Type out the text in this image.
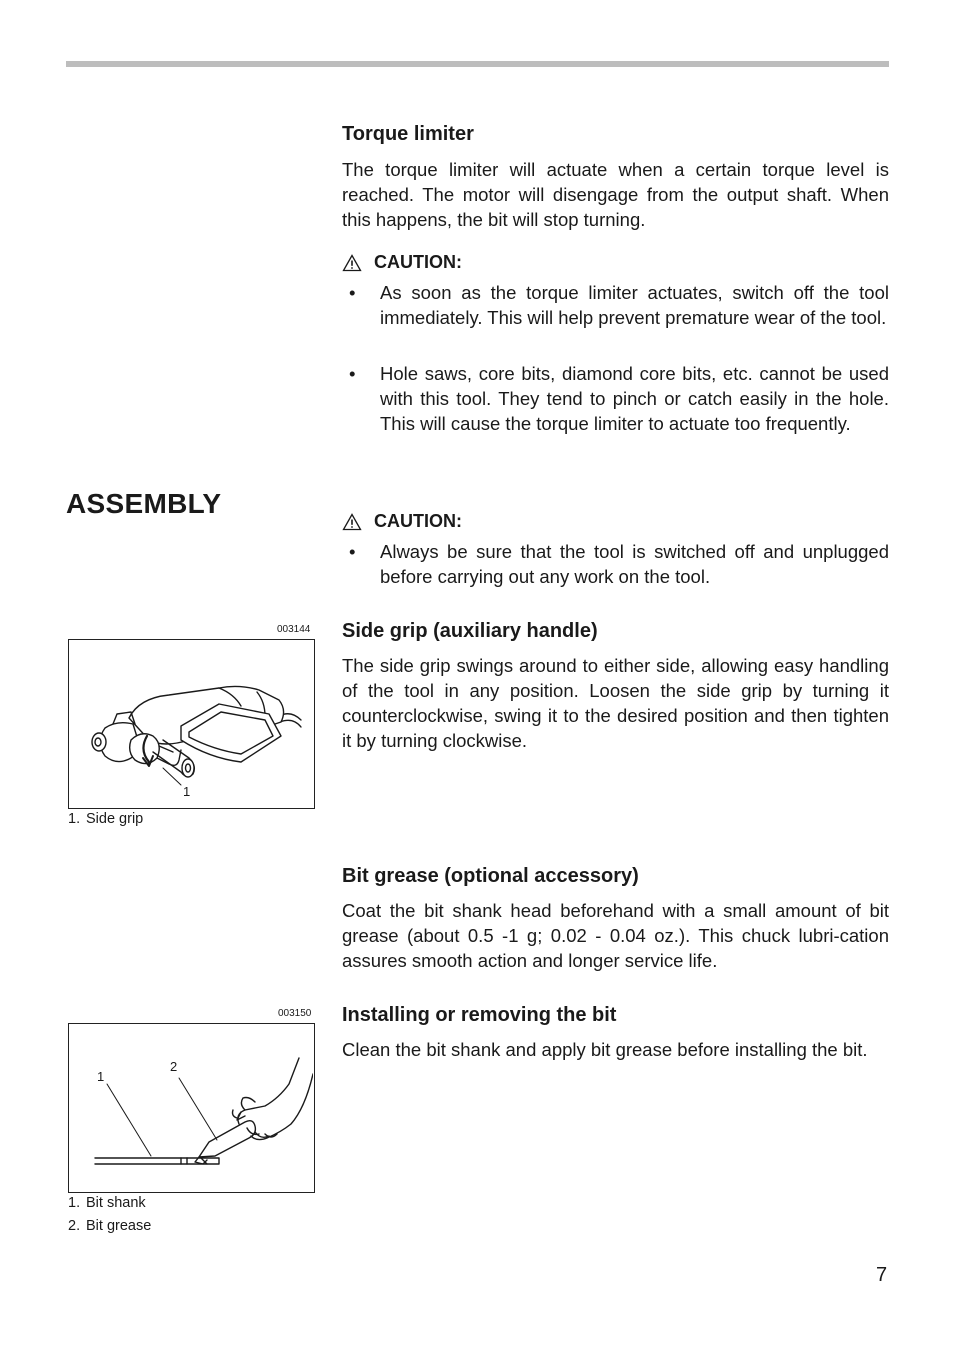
Torque limiter

The torque limiter will actuate when a certain torque level is reached. The motor will disengage from the output shaft. When this happens, the bit will stop turning.

CAUTION:
• As soon as the torque limiter actuates, switch off the tool immediately. This will help prevent premature wear of the tool.
• Hole saws, core bits, diamond core bits, etc. cannot be used with this tool. They tend to pinch or catch easily in the hole. This will cause the torque limiter to actuate too frequently.
ASSEMBLY
CAUTION:
• Always be sure that the tool is switched off and unplugged before carrying out any work on the tool.
Side grip (auxiliary handle)

The side grip swings around to either side, allowing easy handling of the tool in any position. Loosen the side grip by turning it counterclockwise, swing it to the desired position and then tighten it by turning clockwise.

003144
1
1. Side grip
Bit grease (optional accessory)

Coat the bit shank head beforehand with a small amount of bit grease (about 0.5 -1 g; 0.02 - 0.04 oz.). This chuck lubri-cation assures smooth action and longer service life.

Installing or removing the bit

Clean the bit shank and apply bit grease before installing the bit.

003150
1
2
1. Bit shank
2. Bit grease
7
